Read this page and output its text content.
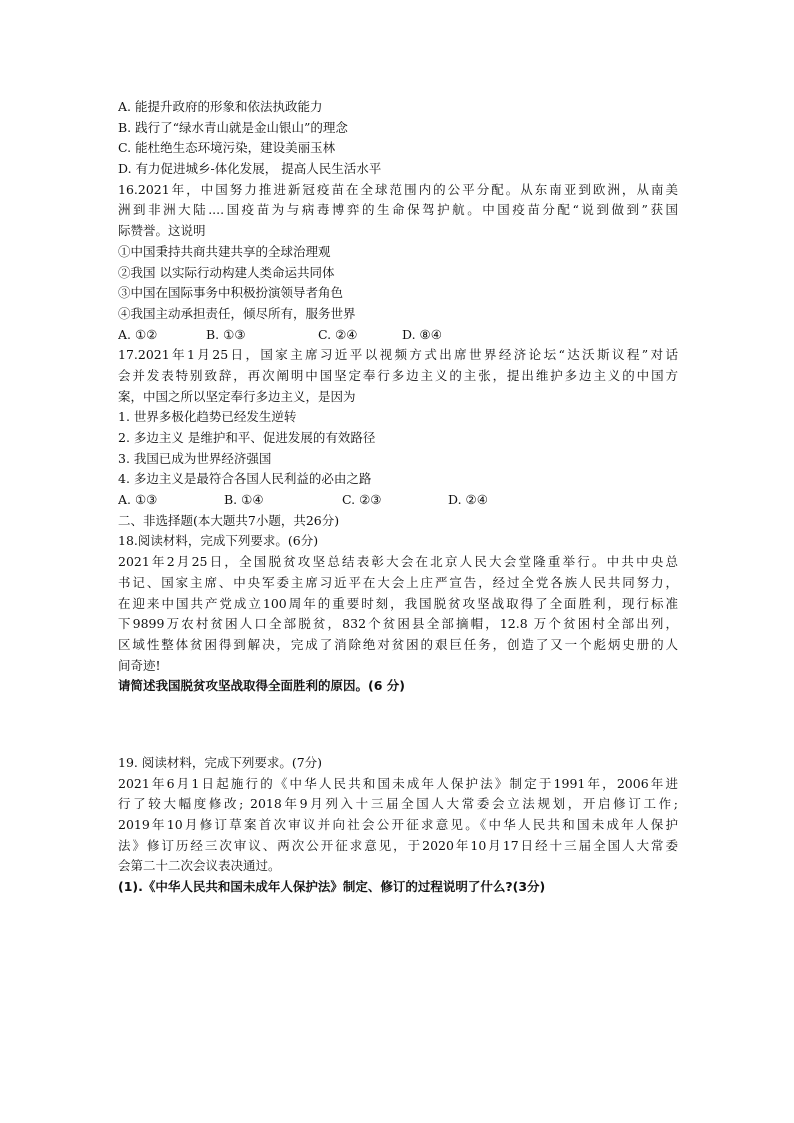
A. 能提升政府的形象和依法执政能力
B. 践行了“绿水青山就是金山银山”的理念
C. 能杜绝生态环境污染，建设美丽玉林
D. 有力促进城乡-体化发展， 提高人民生活水平
16.2021年，中国努力推进新冠疫苗在全球范围内的公平分配。从东南亚到欧洲，从南美
洲到非洲大陆....国疫苗为与病毒博弈的生命保驾护航。中国疫苗分配“说到做到”获国
际赞誉。这说明
①中国秉持共商共建共享的全球治理观
②我国 以实际行动构建人类命运共同体
③中国在国际事务中积极扮演领导者角色
④我国主动承担责任，倾尽所有，服务世界
A. ①②	B. ①③	C. ②④	D. ⑧④
17.2021年1月25日，国家主席习近平以视频方式出席世界经济论坛“达沃斯议程”对话
会并发表特别致辞，再次阐明中国坚定奉行多边主义的主张，提出维护多边主义的中国方
案，中国之所以坚定奉行多边主义，是因为
1. 世界多极化趋势已经发生逆转
2. 多边主义 是维护和平、促进发展的有效路径
3. 我国已成为世界经济强国
4. 多边主义是最符合各国人民利益的必由之路
A. ①③	B. ①④	C. ②③	D. ②④
二、非选择题(本大题共7小题，共26分)
18.阅读材料，完成下列要求。(6分)
2021年2月25日，全国脱贫攻坚总结表彰大会在北京人民大会堂隆重举行。中共中央总
书记、国家主席、中央军委主席习近平在大会上庄严宣告，经过全党各族人民共同努力，
在迎来中国共产党成立100周年的重要时刻，我国脱贫攻坚战取得了全面胜利，现行标准
下9899万农村贫困人口全部脱贫，832个贫困县全部摘帽，12.8 万个贫困村全部出列，
区域性整体贫困得到解决，完成了消除绝对贫困的艰巨任务，创造了又一个彪炳史册的人
间奇迹!
请简述我国脱贫攻坚战取得全面胜利的原因。(6 分)
19. 阅读材料，完成下列要求。(7分)
2021年6月1日起施行的《中华人民共和国未成年人保护法》制定于1991年，2006年进
行了较大幅度修改; 2018年9月列入十三届全国人大常委会立法规划，开启修订工作;
2019年10月修订草案首次审议并向社会公开征求意见。《中华人民共和国未成年人保护
法》修订历经三次审议、两次公开征求意见，于2020年10月17日经十三届全国人大常委
会第二十二次会议表决通过。
(1).《中华人民共和国未成年人保护法》制定、修订的过程说明了什么?(3分)
